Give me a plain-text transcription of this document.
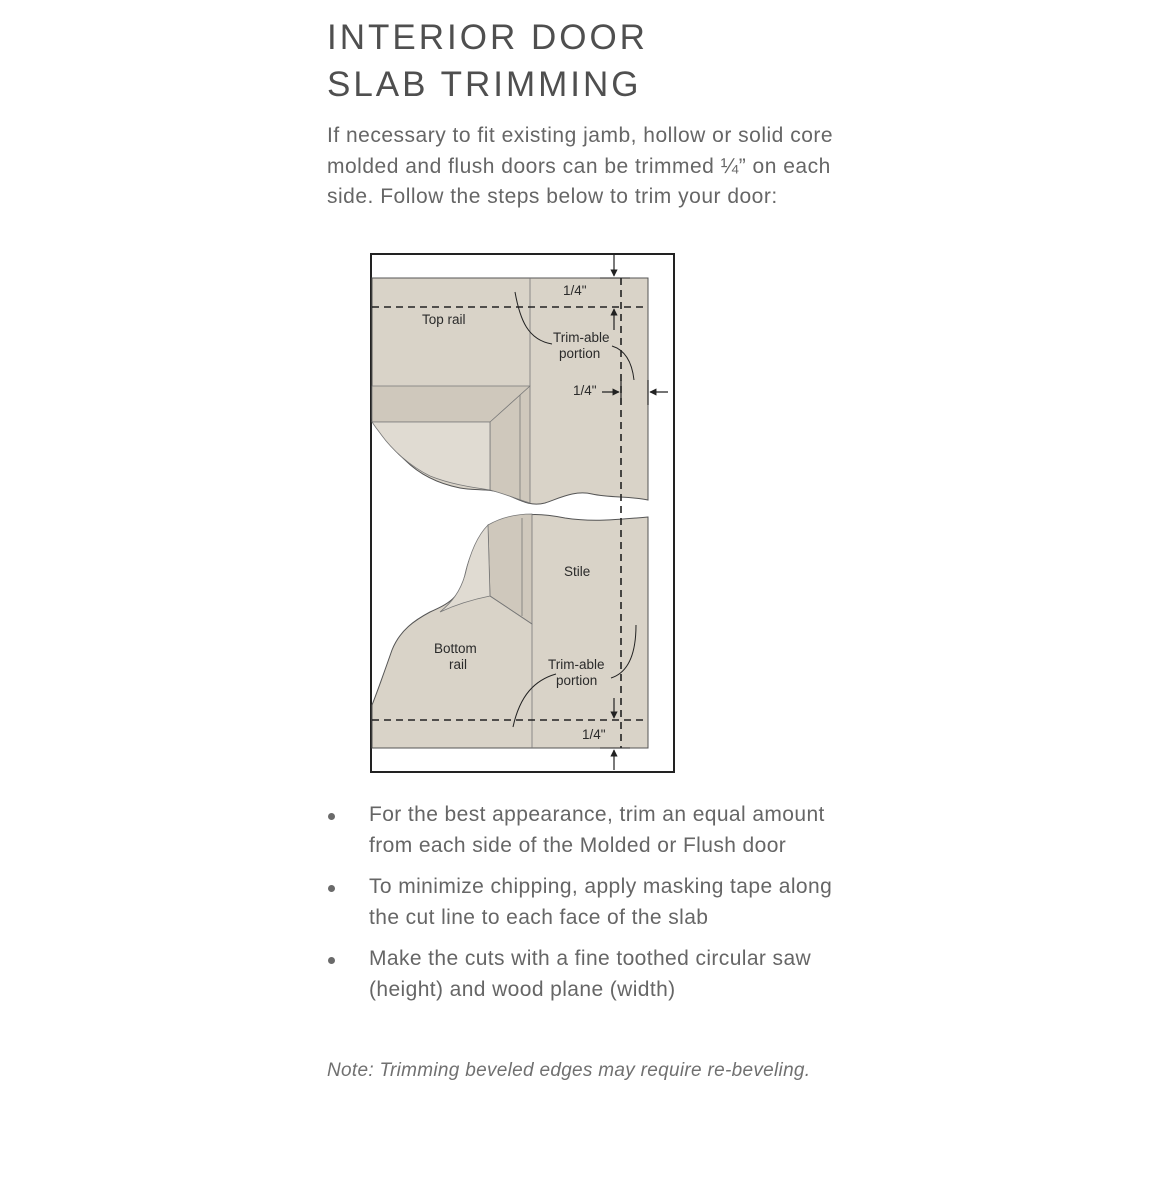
INTERIOR DOOR
SLAB TRIMMING

If necessary to fit existing jamb, hollow or solid core molded and flush doors can be trimmed ¼” on each side. Follow the steps below to trim your door:

1/4"
Top rail
Trim-able
portion
1/4"
Stile
Bottom
rail	Trim-able
portion
1/4"
For the best appearance, trim an equal amount from each side of the Molded or Flush door
To minimize chipping, apply masking tape along the cut line to each face of the slab
Make the cuts with a fine toothed circular saw (height) and wood plane (width)

Note: Trimming beveled edges may require re-beveling.
